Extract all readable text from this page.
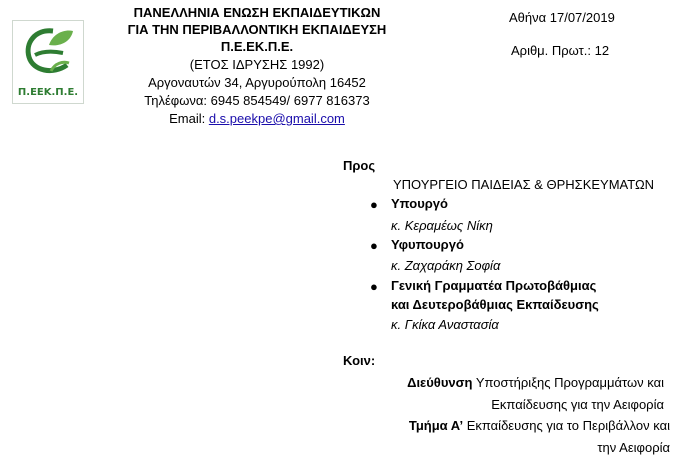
Π.ΕΕΚ.Π.Ε.
ΠΑΝΕΛΛΗΝΙΑ ΕΝΩΣΗ ΕΚΠΑΙΔΕΥΤΙΚΩΝ
ΓΙΑ ΤΗΝ ΠΕΡΙΒΑΛΛΟΝΤΙΚΗ ΕΚΠΑΙΔΕΥΣΗ
Π.Ε.ΕΚ.Π.Ε.
(ΕΤΟΣ ΙΔΡΥΣΗΣ 1992)
Αργοναυτών 34, Αργυρούπολη 16452
Τηλέφωνα: 6945 854549/ 6977 816373
Email: d.s.peekpe@gmail.com
Αθήνα 17/07/2019
Αριθμ. Πρωτ.: 12
Προς
ΥΠΟΥΡΓΕΙΟ ΠΑΙΔΕΙΑΣ & ΘΡΗΣΚΕΥΜΑΤΩΝ
● Υπουργό
κ. Κεραμέως Νίκη
● Υφυπουργό
κ. Ζαχαράκη Σοφία
● Γενική Γραμματέα Πρωτοβάθμιας
και Δευτεροβάθμιας Εκπαίδευσης
κ. Γκίκα Αναστασία
Κοιν:
Διεύθυνση Υποστήριξης Προγραμμάτων και
Εκπαίδευσης για την Αειφορία
Τμήμα Α’ Εκπαίδευσης για το Περιβάλλον και
την Αειφορία
